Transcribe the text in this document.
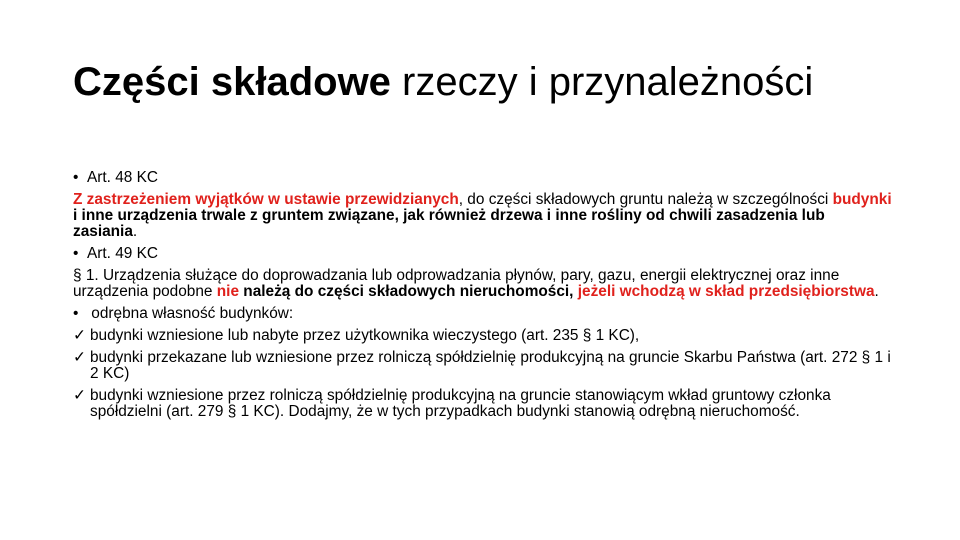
Części składowe rzeczy i przynależności
• Art. 48 KC
Z zastrzeżeniem wyjątków w ustawie przewidzianych, do części składowych gruntu należą w szczególności budynki i inne urządzenia trwale z gruntem związane, jak również drzewa i inne rośliny od chwili zasadzenia lub zasiania.
• Art. 49 KC
§ 1. Urządzenia służące do doprowadzania lub odprowadzania płynów, pary, gazu, energii elektrycznej oraz inne urządzenia podobne nie należą do części składowych nieruchomości, jeżeli wchodzą w skład przedsiębiorstwa.
• odrębna własność budynków:
✓ budynki wzniesione lub nabyte przez użytkownika wieczystego (art. 235 § 1 KC),
✓ budynki przekazane lub wzniesione przez rolniczą spółdzielnię produkcyjną na gruncie Skarbu Państwa (art. 272 § 1 i 2 KC)
✓ budynki wzniesione przez rolniczą spółdzielnię produkcyjną na gruncie stanowiącym wkład gruntowy członka spółdzielni (art. 279 § 1 KC). Dodajmy, że w tych przypadkach budynki stanowią odrębną nieruchomość.
